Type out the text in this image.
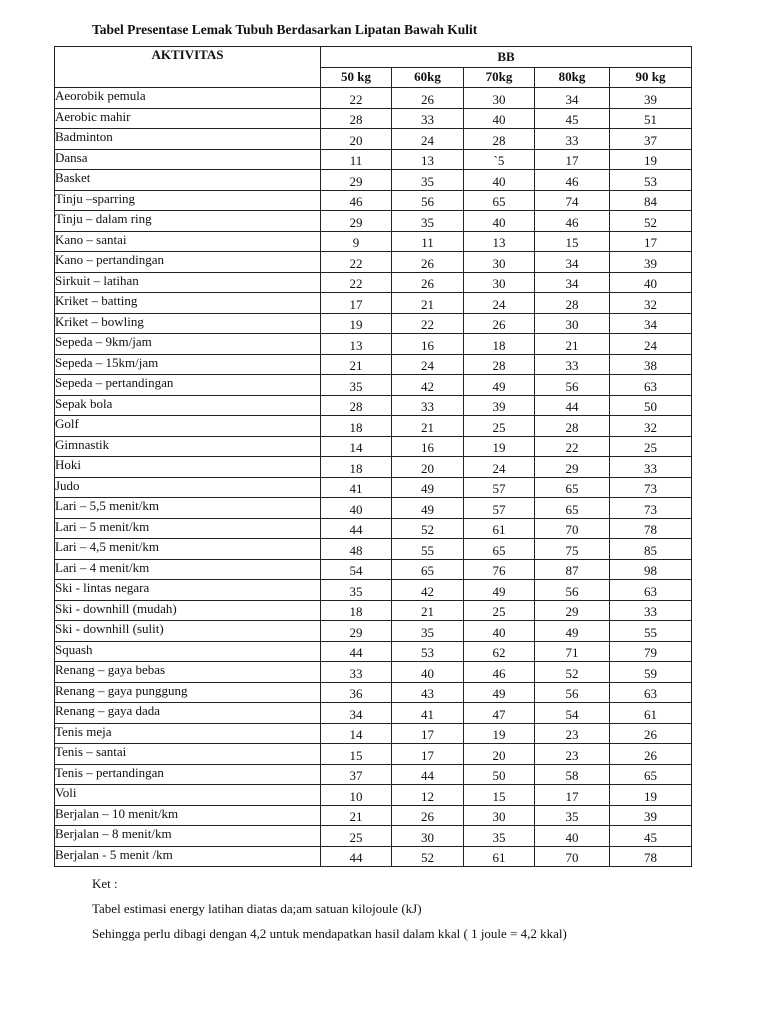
Tabel Presentase Lemak Tubuh Berdasarkan Lipatan Bawah Kulit
AKTIVITAS	BB				
	50 kg	60kg	70kg	80kg	90 kg
Aeorobik pemula	22	26	30	34	39
Aerobic mahir	28	33	40	45	51
Badminton	20	24	28	33	37
Dansa	11	13	`5	17	19
Basket	29	35	40	46	53
Tinju –sparring	46	56	65	74	84
Tinju – dalam ring	29	35	40	46	52
Kano – santai	9	11	13	15	17
Kano – pertandingan	22	26	30	34	39
Sirkuit – latihan	22	26	30	34	40
Kriket – batting	17	21	24	28	32
Kriket – bowling	19	22	26	30	34
Sepeda – 9km/jam	13	16	18	21	24
Sepeda – 15km/jam	21	24	28	33	38
Sepeda – pertandingan	35	42	49	56	63
Sepak bola	28	33	39	44	50
Golf	18	21	25	28	32
Gimnastik	14	16	19	22	25
Hoki	18	20	24	29	33
Judo	41	49	57	65	73
Lari – 5,5 menit/km	40	49	57	65	73
Lari – 5 menit/km	44	52	61	70	78
Lari – 4,5 menit/km	48	55	65	75	85
Lari – 4 menit/km	54	65	76	87	98
Ski - lintas negara	35	42	49	56	63
Ski - downhill (mudah)	18	21	25	29	33
Ski - downhill (sulit)	29	35	40	49	55
Squash	44	53	62	71	79
Renang – gaya bebas	33	40	46	52	59
Renang – gaya punggung	36	43	49	56	63
Renang – gaya dada	34	41	47	54	61
Tenis meja	14	17	19	23	26
Tenis – santai	15	17	20	23	26
Tenis – pertandingan	37	44	50	58	65
Voli	10	12	15	17	19
Berjalan – 10 menit/km	21	26	30	35	39
Berjalan – 8 menit/km	25	30	35	40	45
Berjalan - 5 menit /km	44	52	61	70	78

Ket :

Tabel estimasi energy latihan diatas da;am satuan kilojoule (kJ)

Sehingga perlu dibagi dengan 4,2 untuk mendapatkan hasil dalam kkal ( 1 joule = 4,2 kkal)
